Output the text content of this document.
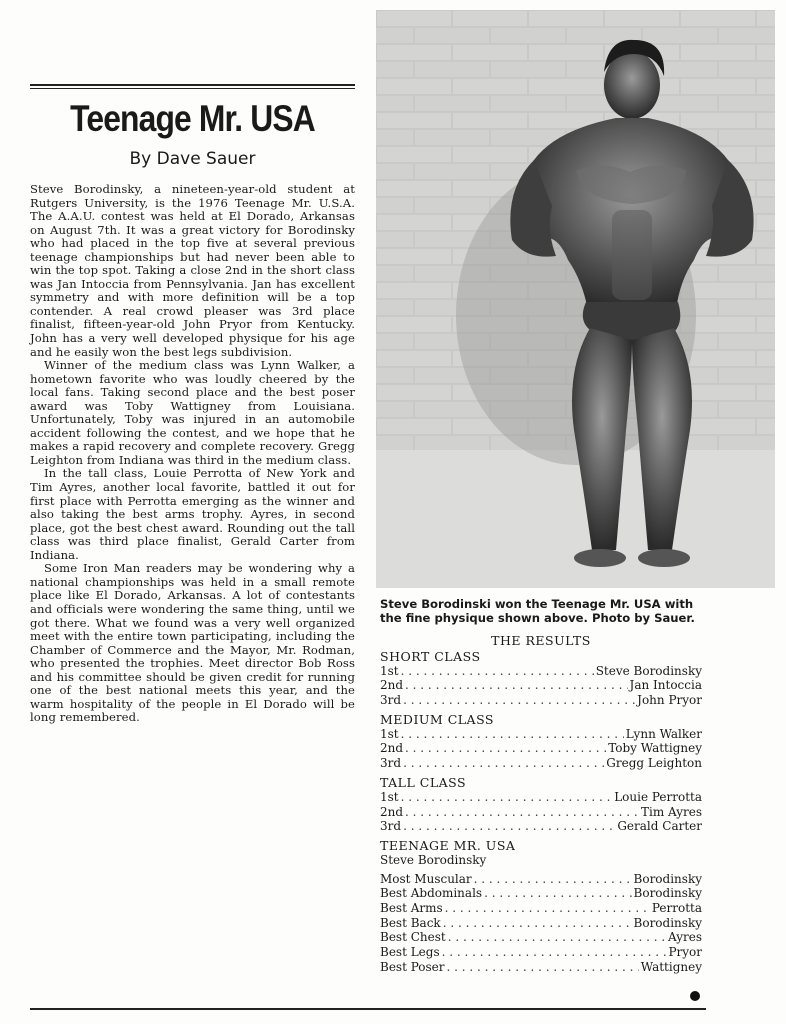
Teenage Mr. USA
By Dave Sauer

Steve Borodinsky, a nineteen-year-old student at Rutgers University, is the 1976 Teenage Mr. U.S.A. The A.A.U. contest was held at El Dorado, Arkansas on August 7th. It was a great victory for Borodinsky who had placed in the top five at several previous teenage championships but had never been able to win the top spot. Taking a close 2nd in the short class was Jan Intoccia from Pennsylvania. Jan has excellent symmetry and with more definition will be a top contender. A real crowd pleaser was 3rd place finalist, fifteen-year-old John Pryor from Kentucky. John has a very well developed physique for his age and he easily won the best legs subdivision.

Winner of the medium class was Lynn Walker, a hometown favorite who was loudly cheered by the local fans. Taking second place and the best poser award was Toby Wattigney from Louisiana. Unfortunately, Toby was injured in an automobile accident following the contest, and we hope that he makes a rapid recovery and complete recovery. Gregg Leighton from Indiana was third in the medium class.

In the tall class, Louie Perrotta of New York and Tim Ayres, another local favorite, battled it out for first place with Perrotta emerging as the winner and also taking the best arms trophy. Ayres, in second place, got the best chest award. Rounding out the tall class was third place finalist, Gerald Carter from Indiana.

Some Iron Man readers may be wondering why a national championships was held in a small remote place like El Dorado, Arkansas. A lot of contestants and officials were wondering the same thing, until we got there. What we found was a very well organized meet with the entire town participating, including the Chamber of Commerce and the Mayor, Mr. Rodman, who presented the trophies. Meet director Bob Ross and his committee should be given credit for running one of the best national meets this year, and the warm hospitality of the people in El Dorado will be long remembered.

Steve Borodinski won the Teenage Mr. USA with the fine physique shown above. Photo by Sauer.

THE RESULTS
SHORT CLASS
1st . . .	Steve Borodinsky
2nd . . .	Jan Intoccia
3rd . . .	John Pryor
MEDIUM CLASS
1st . . .	Lynn Walker
2nd . . .	Toby Wattigney
3rd . . .	Gregg Leighton
TALL CLASS
1st . . .	Louie Perrotta
2nd . . .	Tim Ayres
3rd . . .	Gerald Carter
TEENAGE MR. USA
Steve Borodinsky
Most Muscular . . .	Borodinsky
Best Abdominals . . .	Borodinsky
Best Arms . . .	Perrotta
Best Back . . .	Borodinsky
Best Chest . . .	Ayres
Best Legs . . .	Pryor
Best Poser . . .	Wattigney
